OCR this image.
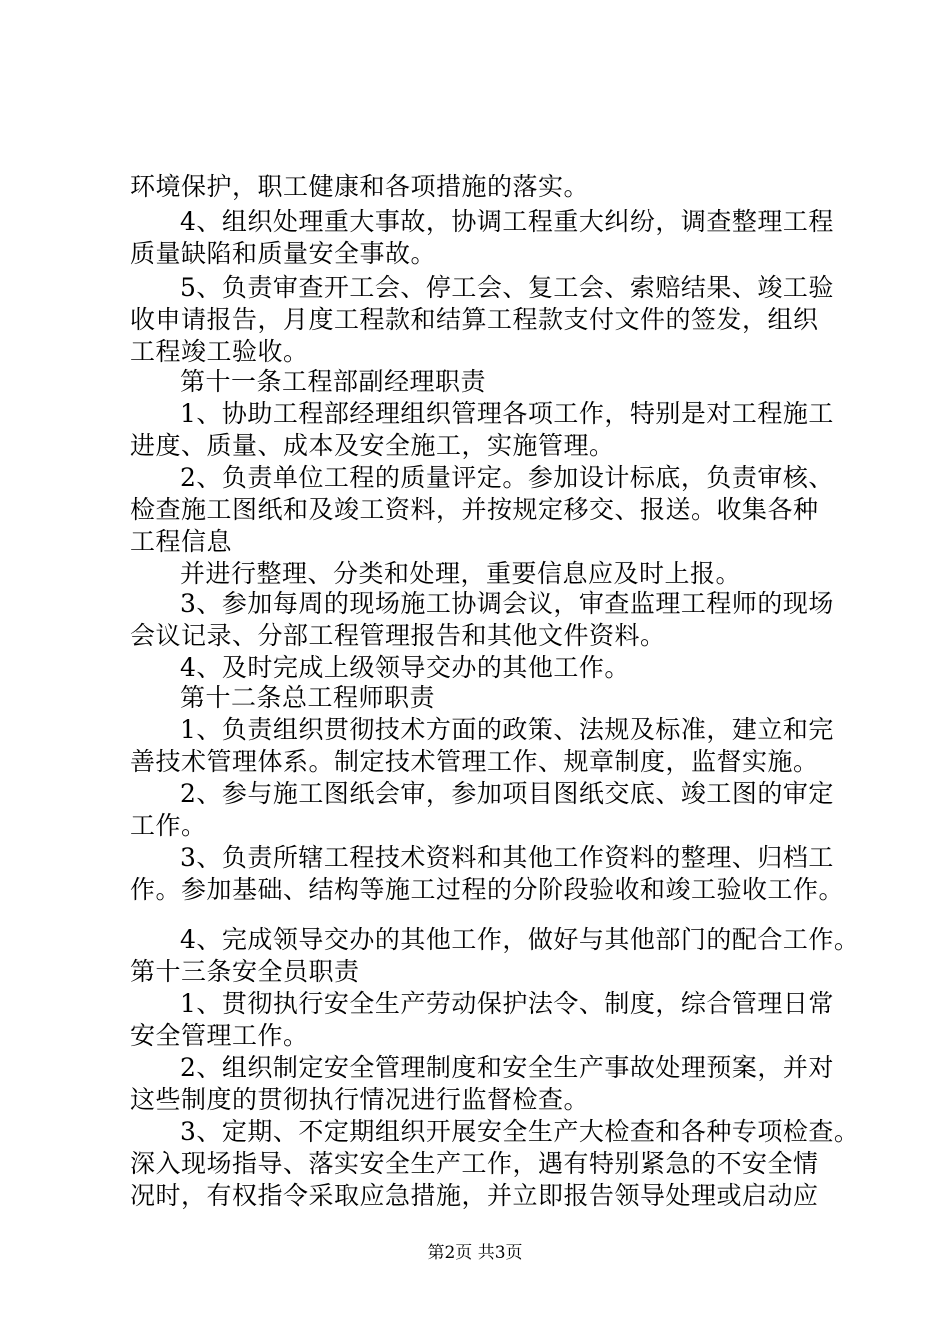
环境保护，职工健康和各项措施的落实。
4、组织处理重大事故，协调工程重大纠纷，调查整理工程
质量缺陷和质量安全事故。
5、负责审查开工会、停工会、复工会、索赔结果、竣工验
收申请报告，月度工程款和结算工程款支付文件的签发，组织
工程竣工验收。
第十一条工程部副经理职责
1、协助工程部经理组织管理各项工作，特别是对工程施工
进度、质量、成本及安全施工，实施管理。
2、负责单位工程的质量评定。参加设计标底，负责审核、
检查施工图纸和及竣工资料，并按规定移交、报送。收集各种
工程信息
并进行整理、分类和处理，重要信息应及时上报。
3、参加每周的现场施工协调会议，审查监理工程师的现场
会议记录、分部工程管理报告和其他文件资料。
4、及时完成上级领导交办的其他工作。
第十二条总工程师职责
1、负责组织贯彻技术方面的政策、法规及标准，建立和完
善技术管理体系。制定技术管理工作、规章制度，监督实施。
2、参与施工图纸会审，参加项目图纸交底、竣工图的审定
工作。
3、负责所辖工程技术资料和其他工作资料的整理、归档工
作。参加基础、结构等施工过程的分阶段验收和竣工验收工作。
4、完成领导交办的其他工作，做好与其他部门的配合工作。
第十三条安全员职责
1、贯彻执行安全生产劳动保护法令、制度，综合管理日常
安全管理工作。
2、组织制定安全管理制度和安全生产事故处理预案，并对
这些制度的贯彻执行情况进行监督检查。
3、定期、不定期组织开展安全生产大检查和各种专项检查。
深入现场指导、落实安全生产工作，遇有特别紧急的不安全情
况时，有权指令采取应急措施，并立即报告领导处理或启动应
第2页 共3页
